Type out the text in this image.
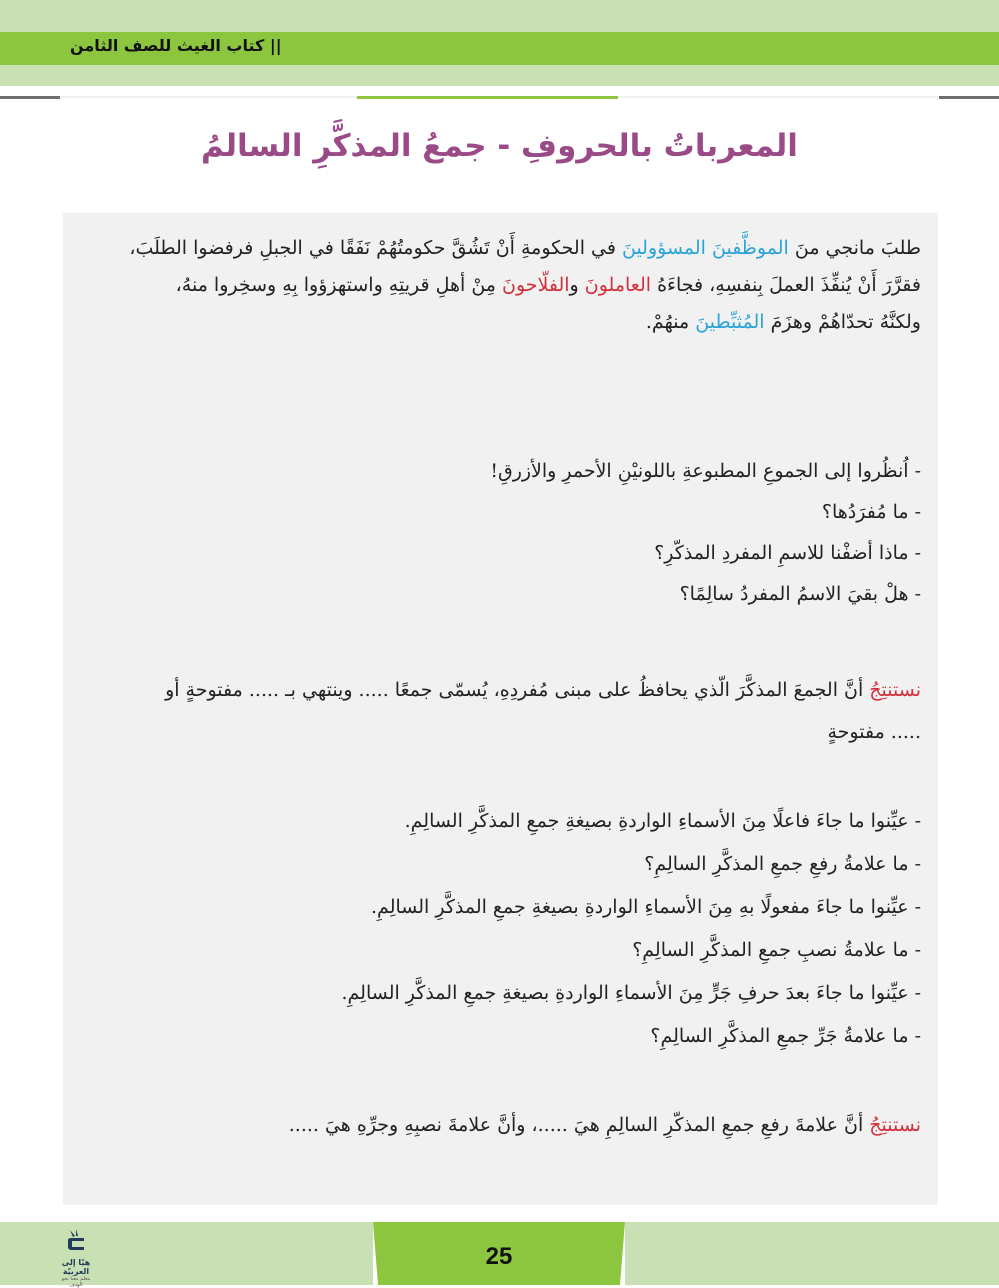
|| كتاب الغيث للصف الثامن
المعرباتُ بالحروفِ - جمعُ المذكَّرِ السالمُ
طلبَ مانجي منَ الموظَّفينَ المسؤولينَ في الحكومةِ أَنْ تَشُقَّ حكومتُهُمْ نَفَقًا في الجبلِ فرفضوا الطلَبَ،
فقرَّرَ أَنْ يُنفِّذَ العملَ بِنفسِهِ، فجاءَهُ العاملونَ والفلّاحونَ مِنْ أهلِ قريتِهِ واستهزؤوا بِهِ وسخِروا منهُ،
ولكنَّهُ تحدّاهُمْ وهزَمَ المُثبِّطينَ منهُمْ.
- اُنظُروا إلى الجموعِ المطبوعةِ باللونيْنِ الأحمرِ والأزرقِ!
- ما مُفرَدُها؟
- ماذا أضفْنا للاسمِ المفردِ المذكّرِ؟
- هلْ بقيَ الاسمُ المفردُ سالِمًا؟
نستنتِجُ أنَّ الجمعَ المذكَّرَ الّذي يحافظُ على مبنى مُفردِهِ، يُسمّى جمعًا ..... وينتهي بـ ..... مفتوحةٍ أو
..... مفتوحةٍ
- عيِّنوا ما جاءَ فاعلًا مِنَ الأسماءِ الواردةِ بصيغةِ جمعِ المذكَّرِ السالِمِ.
- ما علامةُ رفعِ جمعِ المذكَّرِ السالِمِ؟
- عيِّنوا ما جاءَ مفعولًا بهِ مِنَ الأسماءِ الواردةِ بصيغةِ جمعِ المذكَّرِ السالِمِ.
- ما علامةُ نصبِ جمعِ المذكَّرِ السالِمِ؟
- عيِّنوا ما جاءَ بعدَ حرفِ جَرٍّ مِنَ الأسماءِ الواردةِ بصيغةِ جمعِ المذكَّرِ السالِمِ.
- ما علامةُ جَرِّ جمعِ المذكَّرِ السالِمِ؟
نستنتِجُ أنَّ علامةَ رفعِ جمعِ المذكّرِ السالِمِ هيَ .....، وأنَّ علامةَ نصبِهِ وجرِّهِ هيَ .....
25
هيّا إلى العربيّة
نتعلم معنا نحو الهدف
